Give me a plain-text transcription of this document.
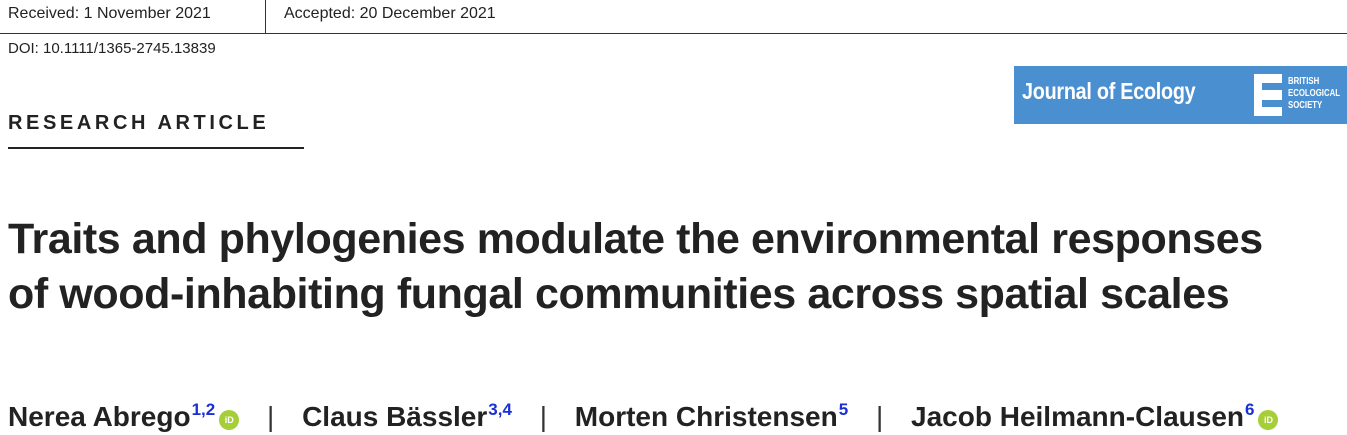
Received: 1 November 2021	Accepted: 20 December 2021
DOI: 10.1111/1365-2745.13839
Journal of Ecology	BRITISH
ECOLOGICAL
SOCIETY
RESEARCH ARTICLE
Traits and phylogenies modulate the environmental responses
of wood-inhabiting fungal communities across spatial scales
Nerea Abrego$^{1,2}$iD | Claus Bässler$^{3,4}$ | Morten Christensen$^5$ | Jacob Heilmann-Clausen$^6$iD
